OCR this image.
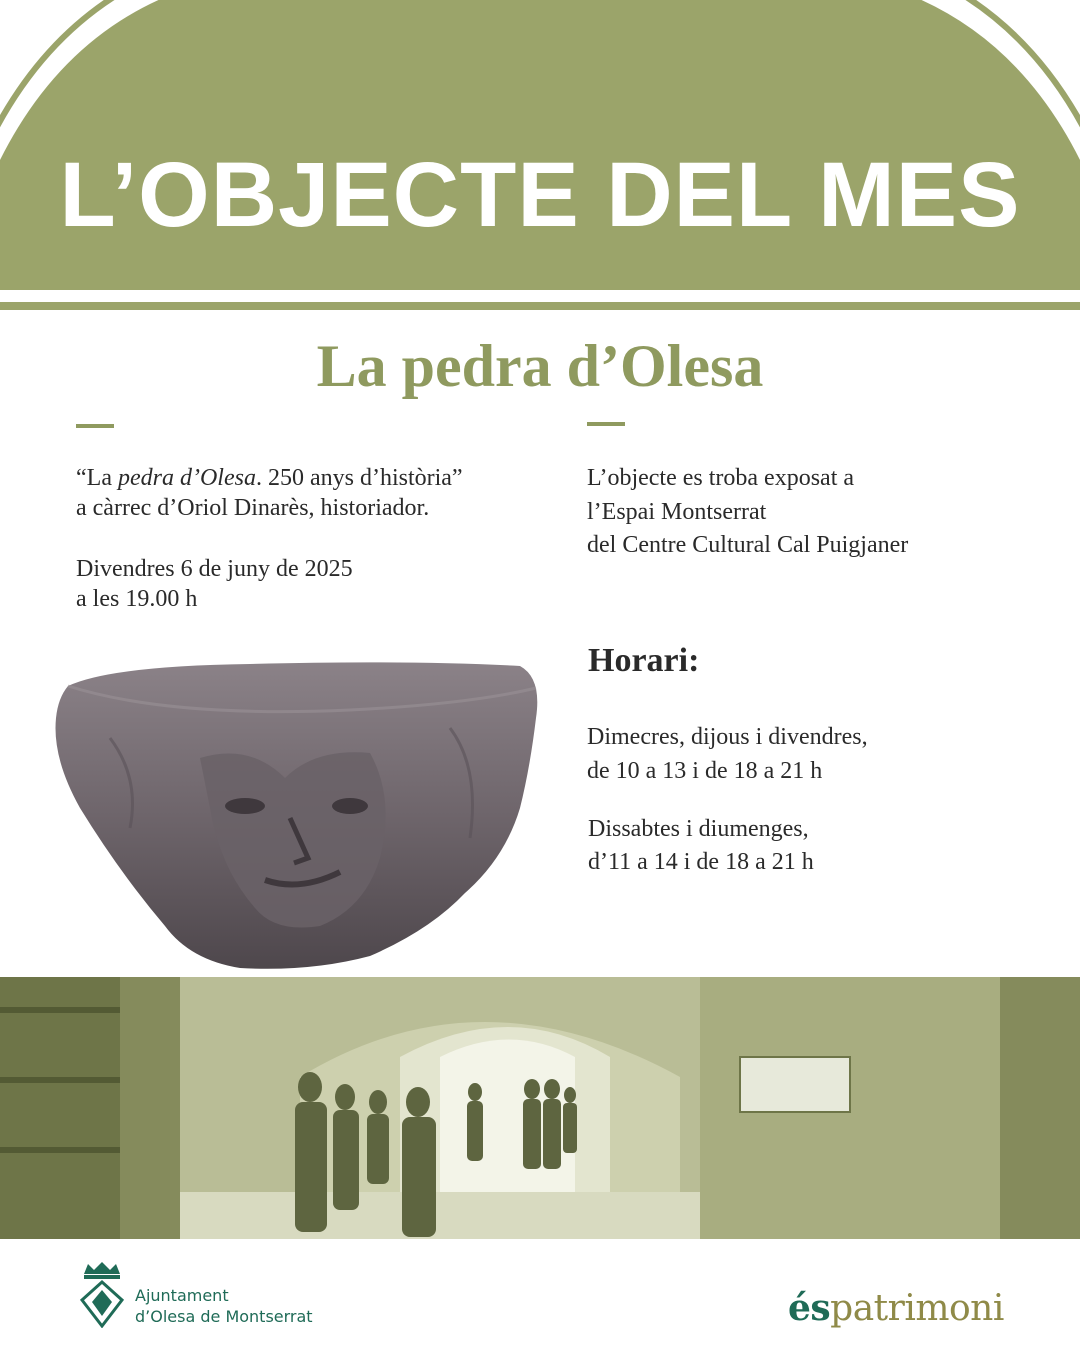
L’OBJECTE DEL MES
La pedra d’Olesa
“La pedra d’Olesa. 250 anys d’història”
a càrrec d’Oriol Dinarès, historiador.
Divendres 6 de juny de 2025
a les 19.00 h
L’objecte es troba exposat a
l’Espai Montserrat
del Centre Cultural Cal Puigjaner
Horari:
Dimecres, dijous i divendres,
de 10 a 13 i de 18 a 21 h
Dissabtes i diumenges,
d’11 a 14 i de 18 a 21 h
Ajuntament
d’Olesa de Montserrat	éspatrimoni
